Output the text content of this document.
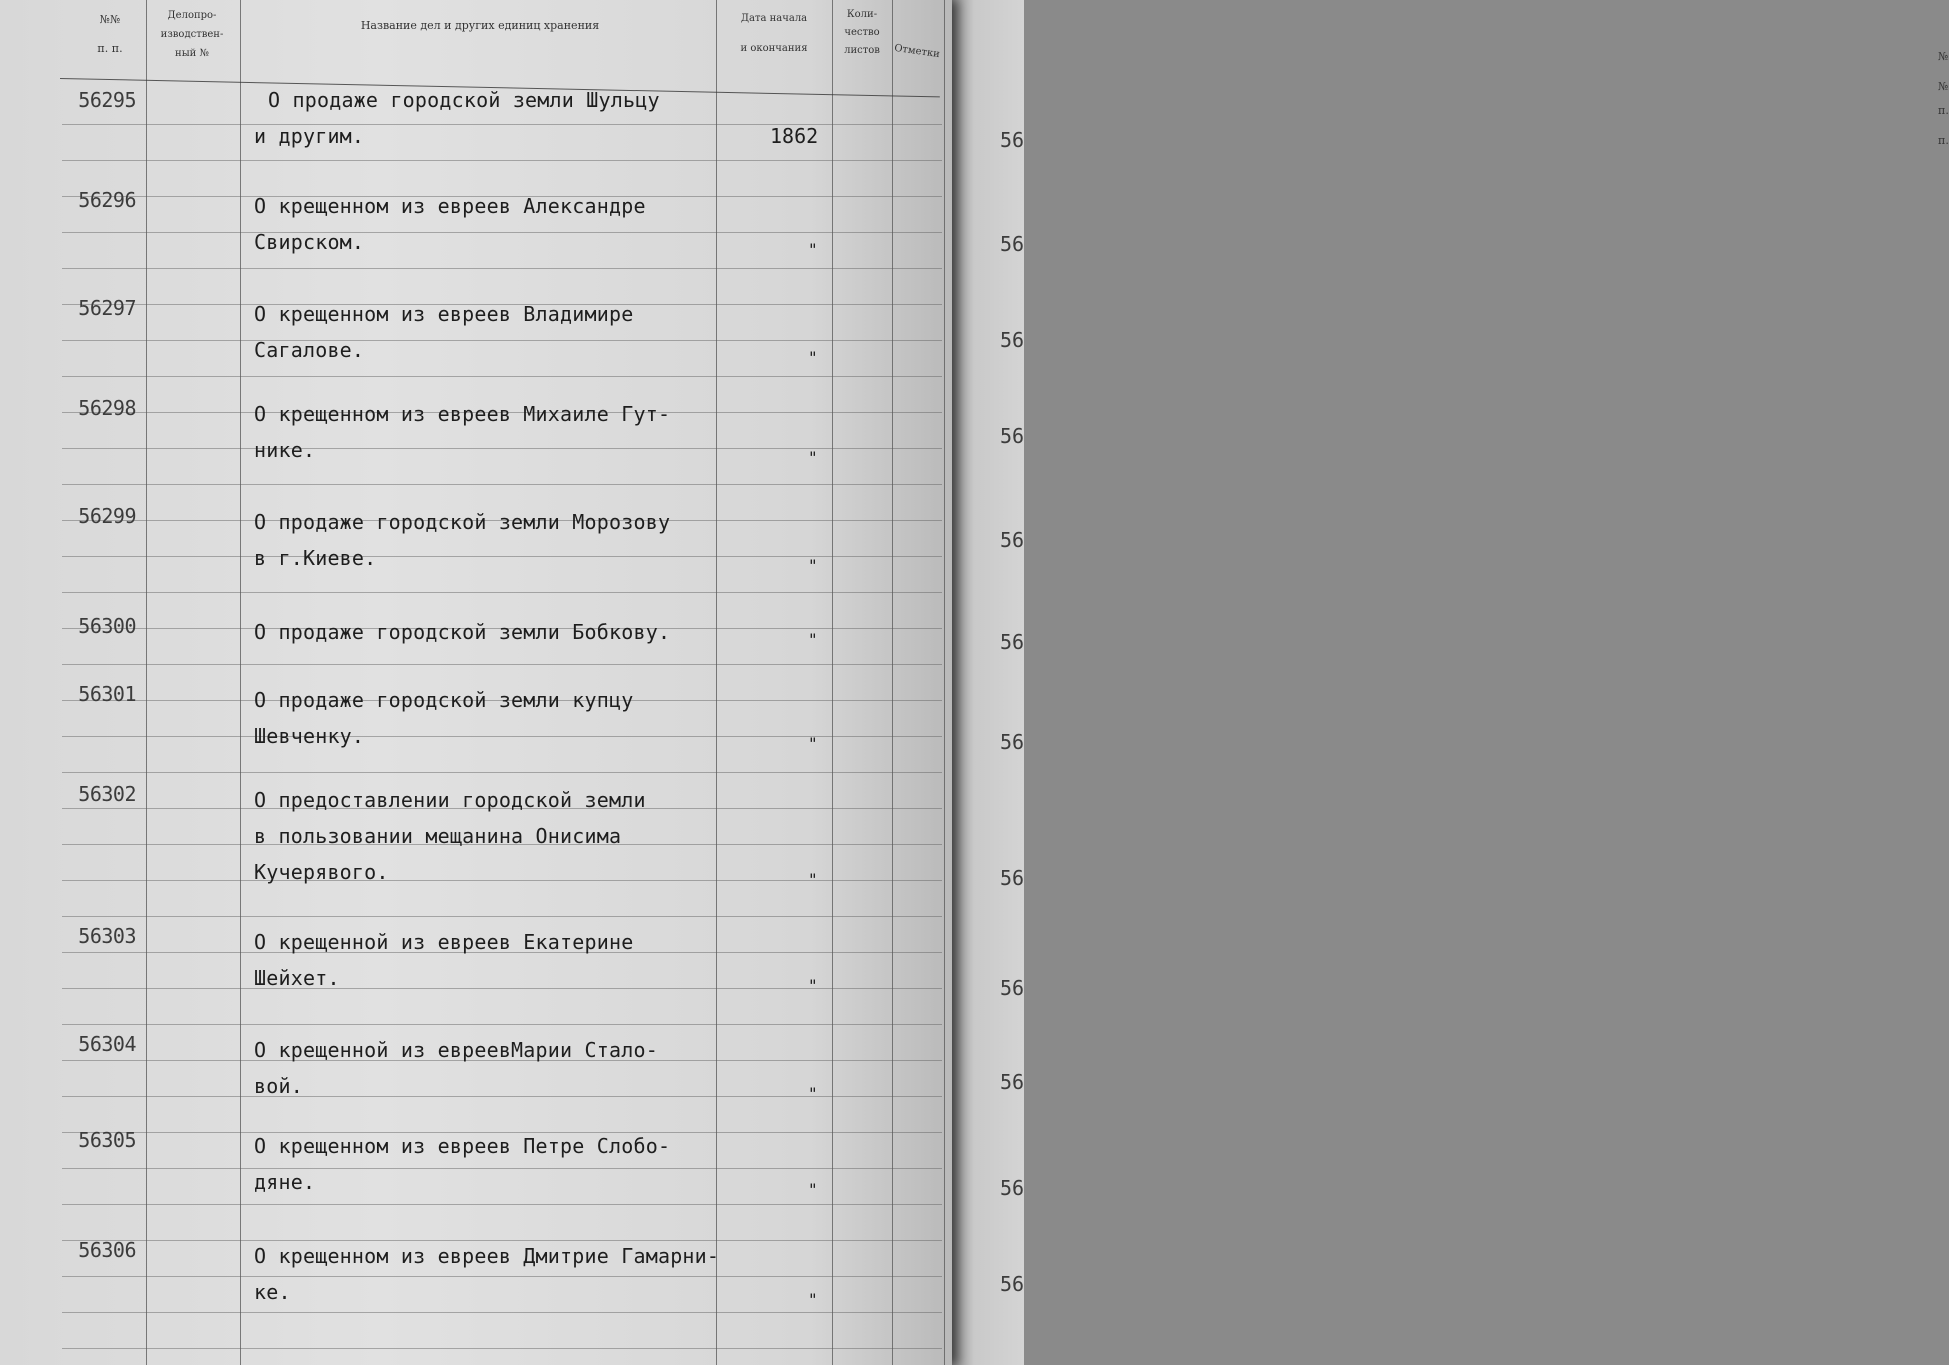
№№
п. п.
№№
п. п.
Делопро-
изводствен-
ный №
Название дел и других единиц хранения
Дата начала
и окончания
Коли-
чество
листов	Отметки
56295	О продаже городской земли Шульцу
и другим.	1862
56296	О крещенном из евреев Александре
Свирском.	"
56297	О крещенном из евреев Владимире
Сагалове.	"
56298	О крещенном из евреев Михаиле Гут-
нике.	"
56299	О продаже городской земли Морозову
в г.Киеве.	"
56300	О продаже городской земли Бобкову.	"
56301	О продаже городской земли купцу
Шевченку.	"
56302	О предоставлении городской земли
в пользовании мещанина Онисима
Кучерявого.	"
56303	О крещенной из евреев Екатерине
Шейхет.	"
56304	О крещенной из евреевМарии Стало-
вой.	"
56305	О крещенном из евреев Петре Слобо-
дяне.	"
56306	О крещенном из евреев Дмитрие Гамарни-
ке.	"
56
56
56
56
56
56
56
56
56
56
56
56
